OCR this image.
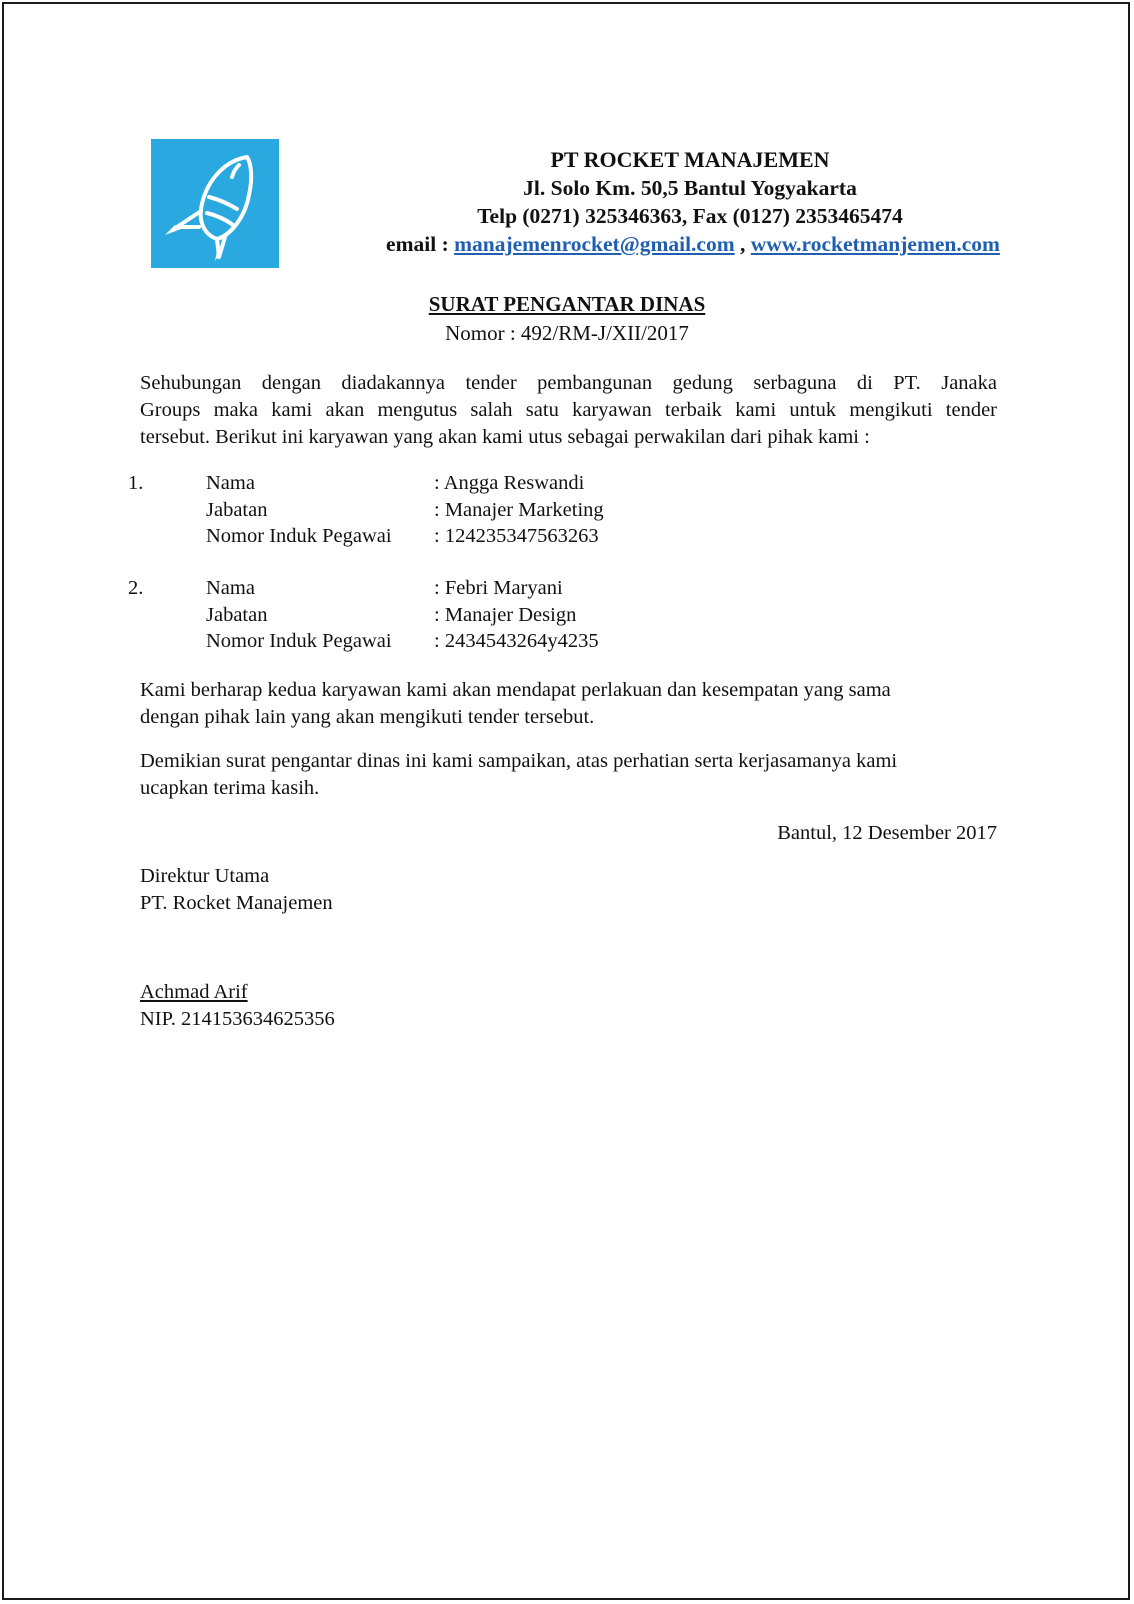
PT ROCKET MANAJEMEN
Jl. Solo Km. 50,5 Bantul Yogyakarta
Telp (0271) 325346363, Fax (0127) 2353465474
email : manajemenrocket@gmail.com , www.rocketmanjemen.com
SURAT PENGANTAR DINAS
Nomor : 492/RM-J/XII/2017
Sehubungan dengan diadakannya tender pembangunan gedung serbaguna di PT. Janaka
Groups maka kami akan mengutus salah satu karyawan terbaik kami untuk mengikuti tender
tersebut. Berikut ini karyawan yang akan kami utus sebagai perwakilan dari pihak kami :
1.	Nama	: Angga Reswandi
Jabatan	: Manajer Marketing
Nomor Induk Pegawai : 124235347563263
2.	Nama	: Febri Maryani
Jabatan	: Manajer Design
Nomor Induk Pegawai : 2434543264y4235
Kami berharap kedua karyawan kami akan mendapat perlakuan dan kesempatan yang sama
dengan pihak lain yang akan mengikuti tender tersebut.
Demikian surat pengantar dinas ini kami sampaikan, atas perhatian serta kerjasamanya kami
ucapkan terima kasih.
Bantul, 12 Desember 2017
Direktur Utama
PT. Rocket Manajemen
Achmad Arif
NIP. 214153634625356
